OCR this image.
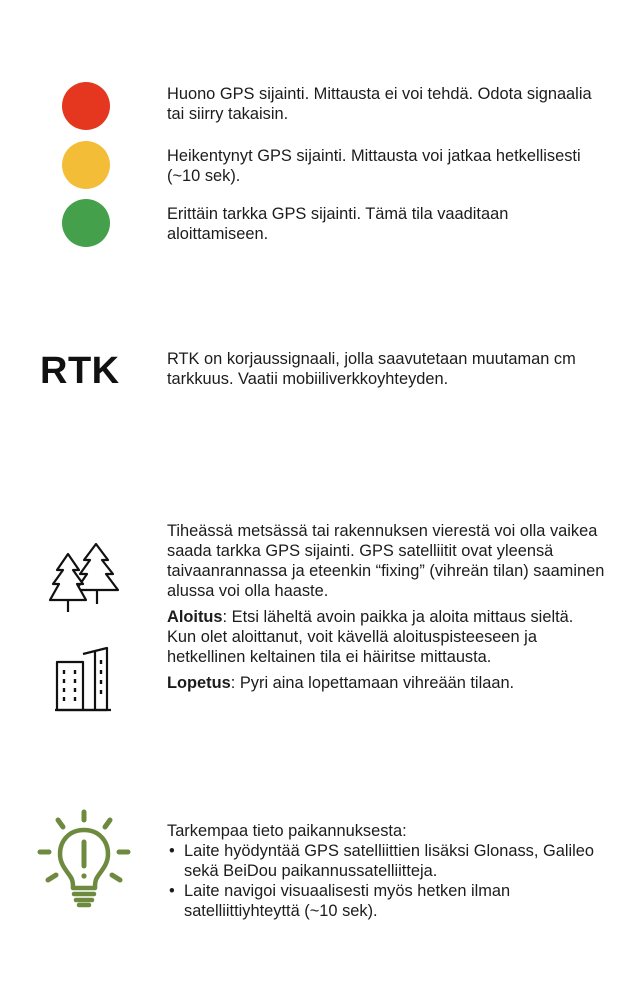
Huono GPS sijainti. Mittausta ei voi tehdä. Odota signaalia tai siirry takaisin.

Heikentynyt GPS sijainti. Mittausta voi jatkaa hetkellisesti (~10 sek).

Erittäin tarkka GPS sijainti. Tämä tila vaaditaan aloittamiseen.

RTK	RTK on korjaussignaali, jolla saavutetaan muutaman cm tarkkuus. Vaatii mobiiliverkkoyhteyden.

Tiheässä metsässä tai rakennuksen vierestä voi olla vaikea saada tarkka GPS sijainti. GPS satelliitit ovat yleensä taivaanrannassa ja eteenkin “fixing” (vihreän tilan) saaminen alussa voi olla haaste.

Aloitus: Etsi läheltä avoin paikka ja aloita mittaus sieltä. Kun olet aloittanut, voit kävellä aloituspisteeseen ja hetkellinen keltainen tila ei häiritse mittausta.

Lopetus: Pyri aina lopettamaan vihreään tilaan.

Tarkempaa tieto paikannuksesta:

• Laite hyödyntää GPS satelliittien lisäksi Glonass, Galileo sekä BeiDou paikannussatelliitteja.
• Laite navigoi visuaalisesti myös hetken ilman satelliittiyhteyttä (~10 sek).
